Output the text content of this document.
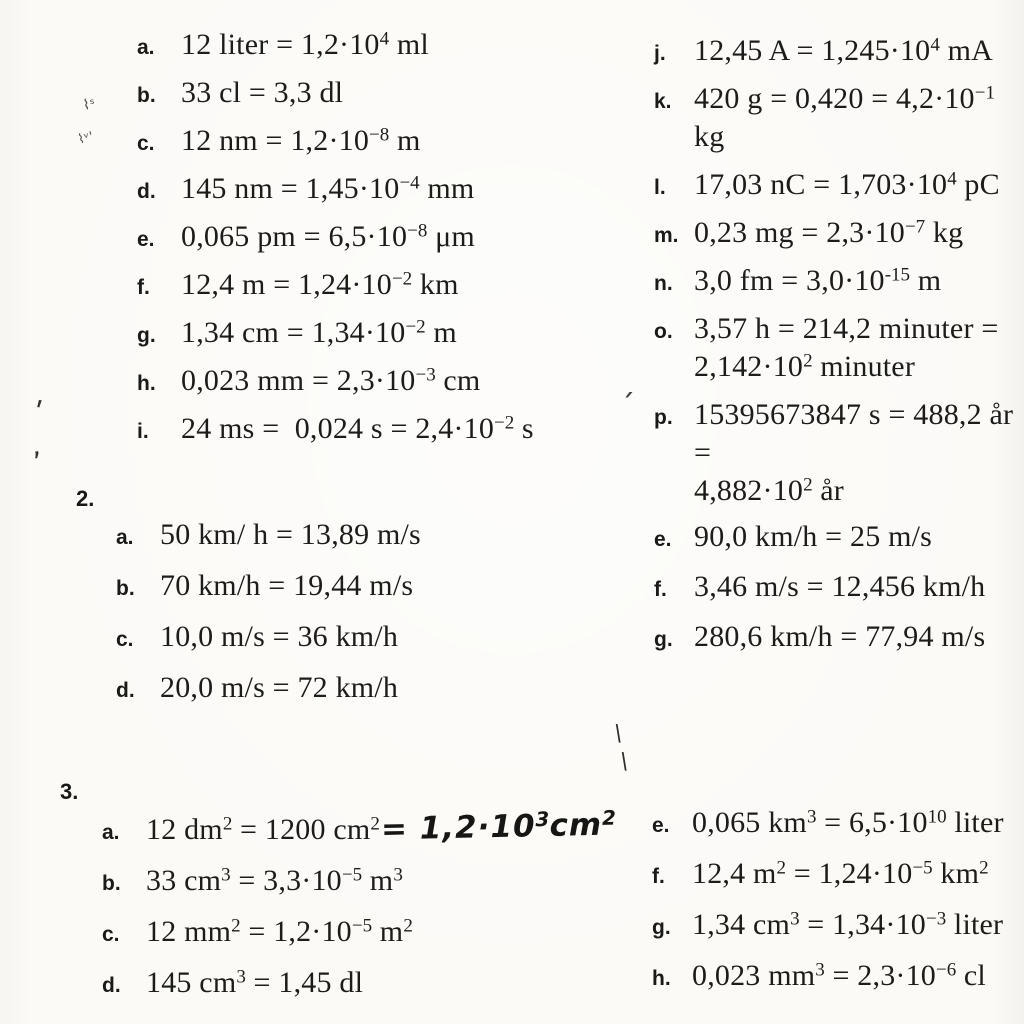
a. 12 liter = $1,2\cdot 10^4$ ml
b. 33 cl = 3,3 dl
c. 12 nm = $1,2\cdot 10^{-8}$ m
d. 145 nm = $1,45\cdot 10^{-4}$ mm
e. 0,065 pm = $6,5\cdot 10^{-8}$ μm
f.	12,4 $m = 1,24\cdot 10^{-2}$ km
g. 1,34 cm = $1,34\cdot 10^{-2}$ m
h. 0,023 mm = $2,3\cdot 10^{-3}$ cm
i.	24 ms =  0,024 $s = 2,4\cdot 10^{-2}$ s
j. 12,45 $A = 1,245\cdot 10^4$ mA
k. 420 $g = 0,420 = 4,2\cdot 10^{-1}$ kg
l. 17,03 nC = $1,703\cdot 10^4$ pC
m. 0,23 mg = $2,3\cdot 10^{-7}$ kg
n. 3,0 fm = $3,0\cdot 10^{-15}$ m
o. 3,57 h = 214,2 minuter =
$2,142\cdot 10^2$ minuter
p. 15395673847 s = 488,2 år =
$4,882\cdot 10^2$ år
2.
a. 50 km/ h = 13,89 m/s
b. 70 km/h = 19,44 m/s
c. 10,0 m/s = 36 km/h
d. 20,0 m/s = 72 km/h
e. 90,0 km/h = 25 m/s
f. 3,46 m/s = 12,456 km/h
g. 280,6 km/h = 77,94 m/s
3.
a. 12 $dm^2 = 1200$ $cm^2= 1,2\cdot 10^3cm^2$
b. 33 $cm^3 = 3,3\cdot 10^{-5}$ $m^3$
c. 12 $mm^2 = 1,2\cdot 10^{-5}$ $m^2$
d. 145 $cm^3 = 1,45$ dl
e. 0,065 $km^3 = 6,5\cdot 10^{10}$ liter
f. 12,4 $m^2 = 1,24\cdot 10^{-5}$ $km^2$
g. 1,34 $cm^3 = 1,34\cdot 10^{-3}$ liter
h. 0,023 $mm^3 = 2,3\cdot 10^{-6}$ cl
⌇ˢ
⌇ᵛ'
ʹ
,
ˊ
∖
∖
